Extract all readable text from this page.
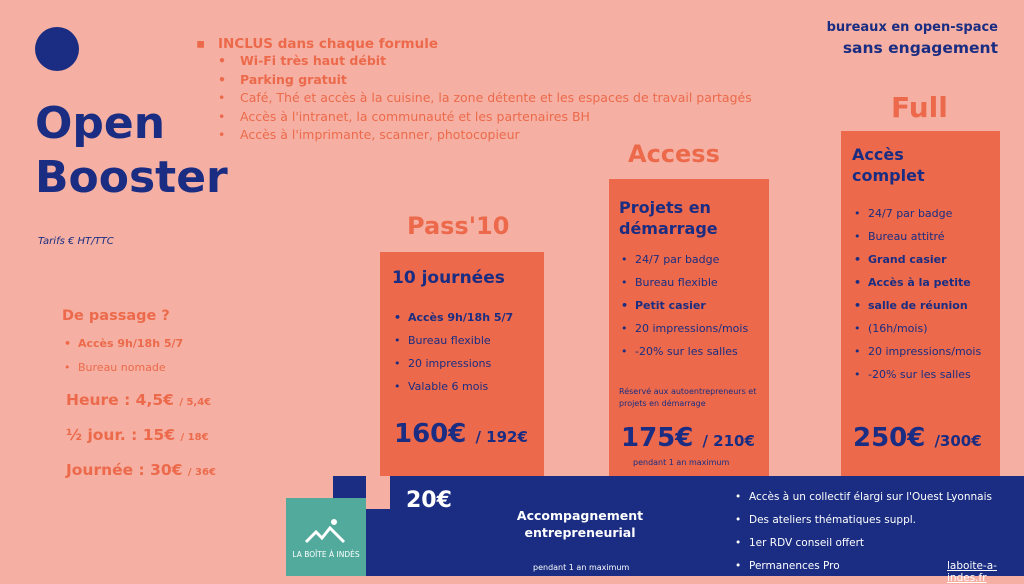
Open
Booster
Tarifs € HT/TTC
▪ INCLUS dans chaque formule
• Wi-Fi très haut débit
• Parking gratuit
• Café, Thé et accès à la cuisine, la zone détente et les espaces de travail partagés
• Accès à l'intranet, la communauté et les partenaires BH
• Accès à l'imprimante, scanner, photocopieur
bureaux en open-space
sans engagement
De passage ?
• Accès 9h/18h 5/7
• Bureau nomade
Heure : 4,5€ / 5,4€
½ jour. : 15€ / 18€
Journée : 30€ / 36€
Pass'10
10 journées
• Accès 9h/18h 5/7
• Bureau flexible
• 20 impressions
• Valable 6 mois
160€ / 192€
Access
Projets en
démarrage
• 24/7 par badge
• Bureau flexible
• Petit casier
• 20 impressions/mois
• -20% sur les salles
Réservé aux autoentrepreneurs et
projets en démarrage
175€ / 210€
pendant 1 an maximum
Full
Accès
complet
• 24/7 par badge
• Bureau attitré
• Grand casier
• Accès à la petite
• salle de réunion
• (16h/mois)
• 20 impressions/mois
• -20% sur les salles
250€ /300€
LA BOÎTE À INDÈS
20€
Accompagnement
entrepreneurial
pendant 1 an maximum
• Accès à un collectif élargi sur l'Ouest Lyonnais
• Des ateliers thématiques suppl.
• 1er RDV conseil offert
• Permanences Pro	laboite-a-indes.fr
